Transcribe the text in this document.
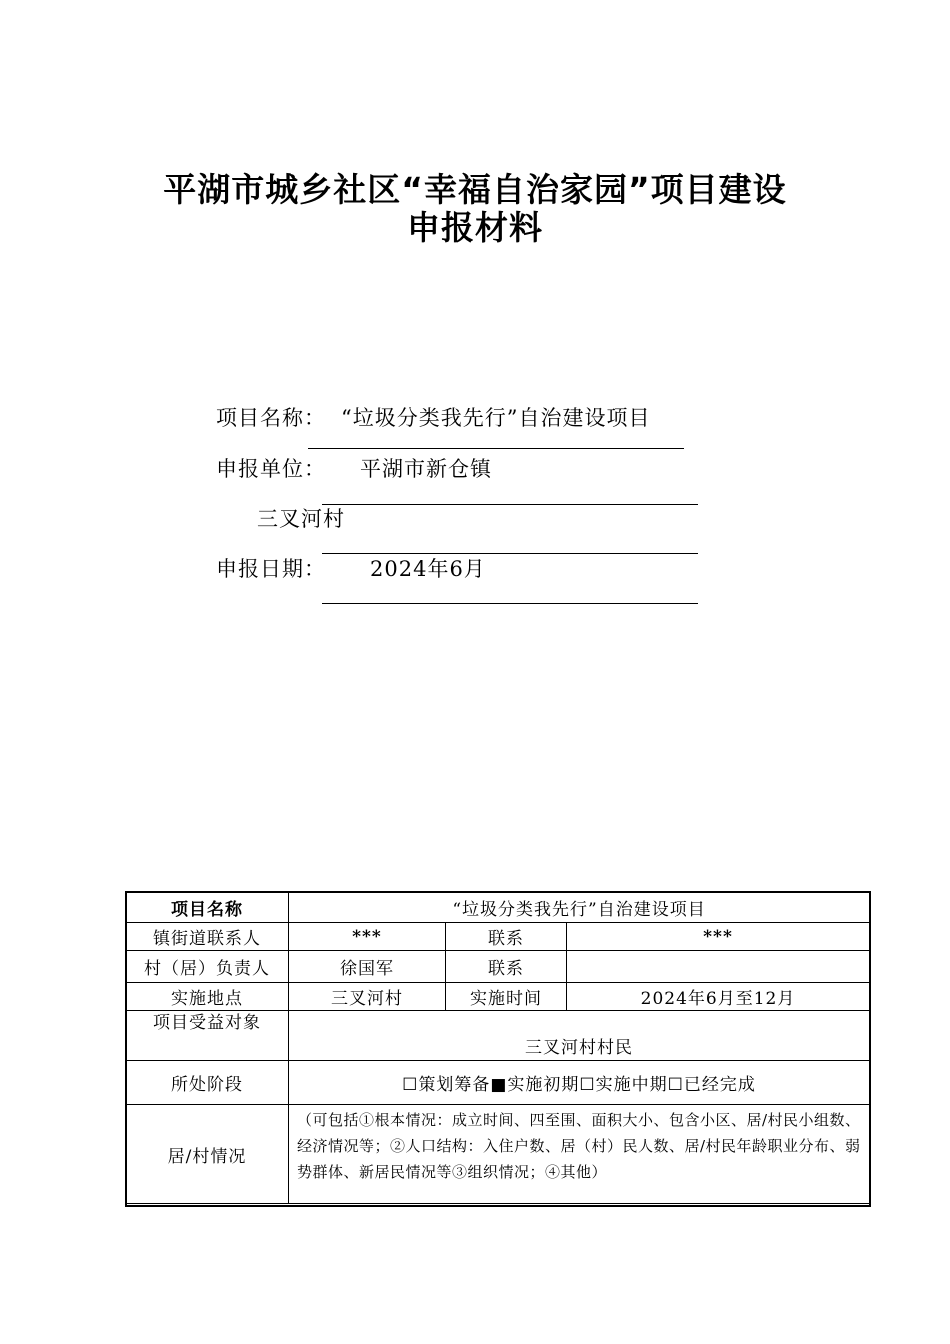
平湖市城乡社区“幸福自治家园”项目建设
申报材料
项目名称： “垃圾分类我先行”自治建设项目
申报单位： 平湖市新仓镇
三叉河村
申报日期： 2024年6月
项目名称	“垃圾分类我先行”自治建设项目		
镇街道联系人	***	联系	***
村（居）负责人	徐国军	联系	
实施地点	三叉河村	实施时间	2024年6月至12月
项目受益对象	三叉河村村民		
所处阶段	☐策划筹备■实施初期☐实施中期☐已经完成		
居/村情况	（可包括①根本情况：成立时间、四至围、面积大小、包含小区、居/村民小组数、经济情况等；②人口结构：入住户数、居（村）民人数、居/村民年龄职业分布、弱势群体、新居民情况等③组织情况；④其他）		
